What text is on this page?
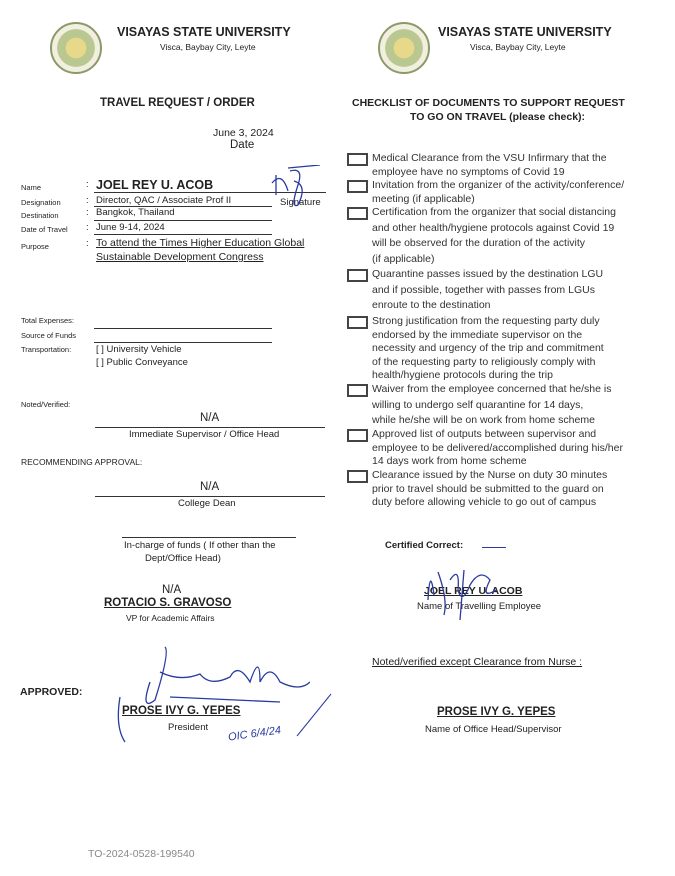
VISAYAS STATE UNIVERSITY
Visca, Baybay City, Leyte
VISAYAS STATE UNIVERSITY
Visca, Baybay City, Leyte
TRAVEL REQUEST / ORDER
June 3, 2024
Date
Name	: JOEL REY U. ACOB
Designation	: Director, QAC / Associate Prof II	Signature
Destination	: Bangkok, Thailand
Date of Travel : June 9-14, 2024
Purpose	: To attend the Times Higher Education Global
Sustainable Development Congress
Total Expenses:
Source of Funds
Transportation:	[ ] University Vehicle
[ ] Public Conveyance
Noted/Verified:
N/A
Immediate Supervisor / Office Head
RECOMMENDING APPROVAL:
N/A
College Dean
In-charge of funds ( If other than the
Dept/Office Head)
N/A
ROTACIO S. GRAVOSO
VP for Academic Affairs
APPROVED:
PROSE IVY G. YEPES
President OIC 6/4/24
CHECKLIST OF DOCUMENTS TO SUPPORT REQUEST
TO GO ON TRAVEL (please check):
Medical Clearance from the VSU Infirmary that the
employee have no symptoms of Covid 19
Invitation from the organizer of the activity/conference/
meeting (if applicable)
Certification from the organizer that social distancing
and other health/hygiene protocols against Covid 19
will be observed for the duration of the activity
(if applicable)
Quarantine passes issued by the destination LGU
and if possible, together with passes from LGUs
enroute to the destination
Strong justification from the requesting party duly
endorsed by the immediate supervisor on the
necessity and urgency of the trip and commitment
of the requesting party to religiously comply with
health/hygiene protocols during the trip
Waiver from the employee concerned that he/she is
willing to undergo self quarantine for 14 days,
while he/she will be on work from home scheme
Approved list of outputs between supervisor and
employee to be delivered/accomplished during his/her
14 days work from home scheme
Clearance issued by the Nurse on duty 30 minutes
prior to travel should be submitted to the guard on
duty before allowing vehicle to go out of campus
Certified Correct:
JOEL REY U. ACOB
Name of Travelling Employee
Noted/verified except Clearance from Nurse :
PROSE IVY G. YEPES
Name of Office Head/Supervisor
TO-2024-0528-199540
